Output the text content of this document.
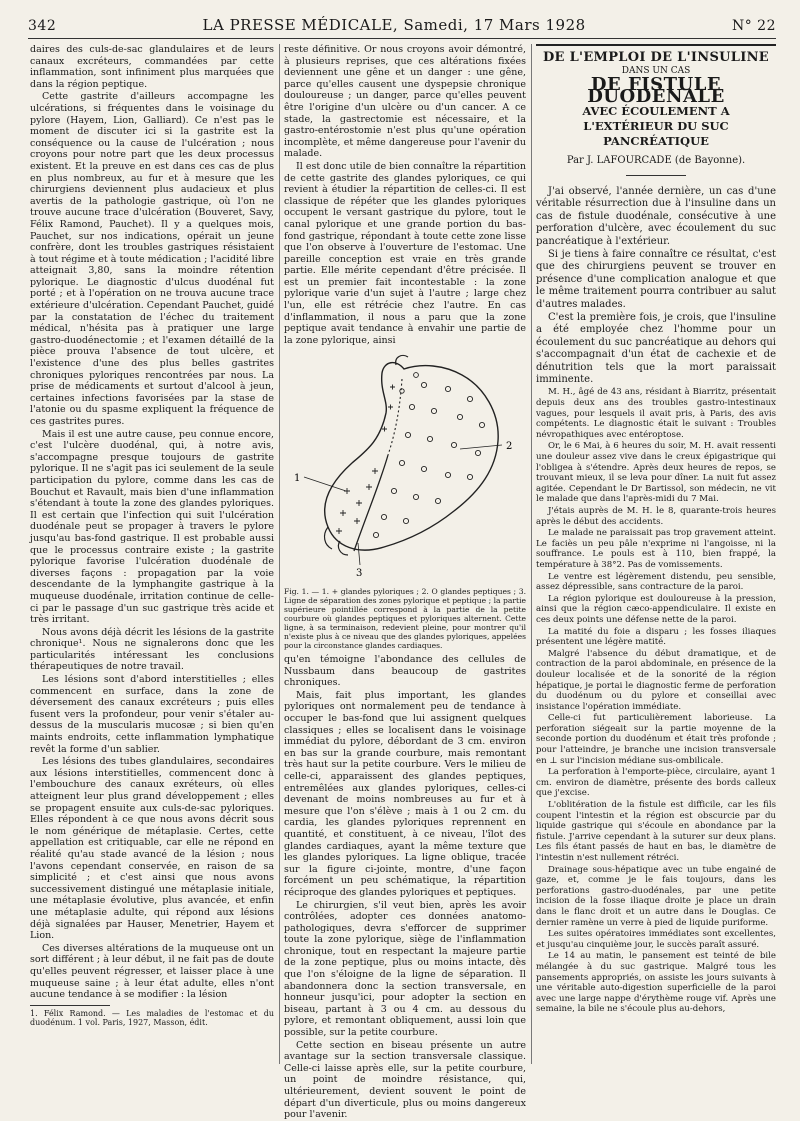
342	LA PRESSE MÉDICALE, Samedi, 17 Mars 1928	N° 22

daires des culs-de-sac glandulaires et de leurs canaux excréteurs, commandées par cette inflammation, sont infiniment plus marquées que dans la région peptique.

Cette gastrite d'ailleurs accompagne les ulcérations, si fréquentes dans le voisinage du pylore (Hayem, Lion, Galliard). Ce n'est pas le moment de discuter ici si la gastrite est la conséquence ou la cause de l'ulcération ; nous croyons pour notre part que les deux processus existent. Et la preuve en est dans ces cas de plus en plus nombreux, au fur et à mesure que les chirurgiens deviennent plus audacieux et plus avertis de la pathologie gastrique, où l'on ne trouve aucune trace d'ulcération (Bouveret, Savy, Félix Ramond, Pauchet). Il y a quelques mois, Pauchet, sur nos indications, opérait un jeune confrère, dont les troubles gastriques résistaient à tout régime et à toute médication ; l'acidité libre atteignait 3,80, sans la moindre rétention pylorique. Le diagnostic d'ulcus duodénal fut porté ; et à l'opération on ne trouva aucune trace extérieure d'ulcération. Cependant Pauchet, guidé par la constatation de l'échec du traitement médical, n'hésita pas à pratiquer une large gastro-duodénectomie ; et l'examen détaillé de la pièce prouva l'absence de tout ulcère, et l'existence d'une des plus belles gastrites chroniques pyloriques rencontrées par nous. La prise de médicaments et surtout d'alcool à jeun, certaines infections favorisées par la stase de l'atonie ou du spasme expliquent la fréquence de ces gastrites pures.

Mais il est une autre cause, peu connue encore, c'est l'ulcère duodénal, qui, à notre avis, s'accompagne presque toujours de gastrite pylorique. Il ne s'agit pas ici seulement de la seule participation du pylore, comme dans les cas de Bouchut et Ravault, mais bien d'une inflammation s'étendant à toute la zone des glandes pyloriques. Il est certain que l'infection qui suit l'ulcération duodénale peut se propager à travers le pylore jusqu'au bas-fond gastrique. Il est probable aussi que le processus contraire existe ; la gastrite pylorique favorise l'ulcération duodénale de diverses façons : propagation par la voie descendante de la lymphangite gastrique à la muqueuse duodénale, irritation continue de celle-ci par le passage d'un suc gastrique très acide et très irritant.

Nous avons déjà décrit les lésions de la gastrite chronique¹. Nous ne signalerons donc que les particularités intéressant les conclusions thérapeutiques de notre travail.

Les lésions sont d'abord interstitielles ; elles commencent en surface, dans la zone de déversement des canaux excréteurs ; puis elles fusent vers la profondeur, pour venir s'étaler au-dessus de la muscularis mucosæ ; si bien qu'en maints endroits, cette inflammation lymphatique revêt la forme d'un sablier.

Les lésions des tubes glandulaires, secondaires aux lésions interstitielles, commencent donc à l'embouchure des canaux exréteurs, où elles atteignent leur plus grand développement ; elles se propagent ensuite aux culs-de-sac pyloriques. Elles répondent à ce que nous avons décrit sous le nom générique de métaplasie. Certes, cette appellation est critiquable, car elle ne répond en réalité qu'au stade avancé de la lésion ; nous l'avons cependant conservée, en raison de sa simplicité ; et c'est ainsi que nous avons successivement distingué une métaplasie initiale, une métaplasie évolutive, plus avancée, et enfin une métaplasie adulte, qui répond aux lésions déjà signalées par Hauser, Menetrier, Hayem et Lion.

Ces diverses altérations de la muqueuse ont un sort différent ; à leur début, il ne fait pas de doute qu'elles peuvent régresser, et laisser place à une muqueuse saine ; à leur état adulte, elles n'ont aucune tendance à se modifier : la lésion

1. Félix Ramond. — Les maladies de l'estomac et du duodénum. 1 vol. Paris, 1927, Masson, édit.

reste définitive. Or nous croyons avoir démontré, à plusieurs reprises, que ces altérations fixées deviennent une gêne et un danger : une gêne, parce qu'elles causent une dyspepsie chronique douloureuse ; un danger, parce qu'elles peuvent être l'origine d'un ulcère ou d'un cancer. A ce stade, la gastrectomie est nécessaire, et la gastro-entérostomie n'est plus qu'une opération incomplète, et même dangereuse pour l'avenir du malade.

Il est donc utile de bien connaître la répartition de cette gastrite des glandes pyloriques, ce qui revient à étudier la répartition de celles-ci. Il est classique de répéter que les glandes pyloriques occupent le versant gastrique du pylore, tout le canal pylorique et une grande portion du bas-fond gastrique, répondant à toute cette zone lisse que l'on observe à l'ouverture de l'estomac. Une pareille conception est vraie en très grande partie. Elle mérite cependant d'être précisée. Il est un premier fait incontestable : la zone pylorique varie d'un sujet à l'autre ; large chez l'un, elle est rétrécie chez l'autre. En cas d'inflammation, il nous a paru que la zone peptique avait tendance à envahir une partie de la zone pylorique, ainsi

1
2
3

Fig. 1. — 1. + glandes pyloriques ; 2. O glandes peptiques ; 3. Ligne de séparation des zones pylorique et peptique ; la partie supérieure pointillée correspond à la partie de la petite courbure où glandes peptiques et pyloriques alternent. Cette ligne, à sa terminaison, redevient pleine, pour montrer qu'il n'existe plus à ce niveau que des glandes pyloriques, appelées pour la circonstance glandes cardiaques.

qu'en témoigne l'abondance des cellules de Nussbaum dans beaucoup de gastrites chroniques.

Mais, fait plus important, les glandes pyloriques ont normalement peu de tendance à occuper le bas-fond que lui assignent quelques classiques ; elles se localisent dans le voisinage immédiat du pylore, débordant de 3 cm. environ en bas sur la grande courbure, mais remontant très haut sur la petite courbure. Vers le milieu de celle-ci, apparaissent des glandes peptiques, entremêlées aux glandes pyloriques, celles-ci devenant de moins nombreuses au fur et à mesure que l'on s'élève ; mais à 1 ou 2 cm. du cardia, les glandes pyloriques reprennent en quantité, et constituent, à ce niveau, l'îlot des glandes cardiaques, ayant la même texture que les glandes pyloriques. La ligne oblique, tracée sur la figure ci-jointe, montre, d'une façon forcément un peu schématique, la répartition réciproque des glandes pyloriques et peptiques.

Le chirurgien, s'il veut bien, après les avoir contrôlées, adopter ces données anatomo-pathologiques, devra s'efforcer de supprimer toute la zone pylorique, siège de l'inflammation chronique, tout en respectant la majeure partie de la zone peptique, plus ou moins intacte, dès que l'on s'éloigne de la ligne de séparation. Il abandonnera donc la section transversale, en honneur jusqu'ici, pour adopter la section en biseau, partant à 3 ou 4 cm. au dessous du pylore, et remontant obliquement, aussi loin que possible, sur la petite courbure.

Cette section en biseau présente un autre avantage sur la section transversale classique. Celle-ci laisse après elle, sur la petite courbure, un point de moindre résistance, qui, ultérieurement, devient souvent le point de départ d'un diverticule, plus ou moins dangereux pour l'avenir.

DE L'EMPLOI DE L'INSULINE
DANS UN CAS
DE FISTULE DUODÉNALE
AVEC ÉCOULEMENT A L'EXTÉRIEUR DU SUC PANCRÉATIQUE
Par J. LAFOURCADE (de Bayonne).

J'ai observé, l'année dernière, un cas d'une véritable résurrection due à l'insuline dans un cas de fistule duodénale, consécutive à une perforation d'ulcère, avec écoulement du suc pancréatique à l'extérieur.

Si je tiens à faire connaître ce résultat, c'est que des chirurgiens peuvent se trouver en présence d'une complication analogue et que le même traitement pourra contribuer au salut d'autres malades.

C'est la première fois, je crois, que l'insuline a été employée chez l'homme pour un écoulement du suc pancréatique au dehors qui s'accompagnait d'un état de cachexie et de dénutrition tels que la mort paraissait imminente.

M. H., âgé de 43 ans, résidant à Biarritz, présentait depuis deux ans des troubles gastro-intestinaux vagues, pour lesquels il avait pris, à Paris, des avis compétents. Le diagnostic était le suivant : Troubles névropathiques avec entéroptose.

Or, le 6 Mai, à 6 heures du soir, M. H. avait ressenti une douleur assez vive dans le creux épigastrique qui l'obligea à s'étendre. Après deux heures de repos, se trouvant mieux, il se leva pour dîner. La nuit fut assez agitée. Cependant le Dr Bartissol, son médecin, ne vit le malade que dans l'après-midi du 7 Mai.

J'étais auprès de M. H. le 8, quarante-trois heures après le début des accidents.

Le malade ne paraissait pas trop gravement atteint. Le faciès un peu pâle n'exprime ni l'angoisse, ni la souffrance. Le pouls est à 110, bien frappé, la température à 38°2. Pas de vomissements.

Le ventre est légèrement distendu, peu sensible, assez dépressible, sans contracture de la paroi.

La région pylorique est douloureuse à la pression, ainsi que la région cæco-appendiculaire. Il existe en ces deux points une défense nette de la paroi.

La matité du foie a disparu ; les fosses iliaques présentent une légère matité.

Malgré l'absence du début dramatique, et de contraction de la paroi abdominale, en présence de la douleur localisée et de la sonorité de la région hépatique, je portai le diagnostic ferme de perforation du duodénum ou du pylore et conseillai avec insistance l'opération immédiate.

Celle-ci fut particulièrement laborieuse. La perforation siégeait sur la partie moyenne de la seconde portion du duodénum et était très profonde ; pour l'atteindre, je branche une incision transversale en ⊥ sur l'incision médiane sus-ombilicale.

La perforation à l'emporte-pièce, circulaire, ayant 1 cm. environ de diamètre, présente des bords calleux que j'excise.

L'oblitération de la fistule est difficile, car les fils coupent l'intestin et la région est obscurcie par du liquide gastrique qui s'écoule en abondance par la fistule. J'arrive cependant à la suturer sur deux plans. Les fils étant passés de haut en bas, le diamètre de l'intestin n'est nullement rétréci.

Drainage sous-hépatique avec un tube engainé de gaze, et, comme je le fais toujours, dans les perforations gastro-duodénales, par une petite incision de la fosse iliaque droite je place un drain dans le flanc droit et un autre dans le Douglas. Ce dernier ramène un verre à pied de liquide puriforme.

Les suites opératoires immédiates sont excellentes, et jusqu'au cinquième jour, le succès paraît assuré.

Le 14 au matin, le pansement est teinté de bile mélangée à du suc gastrique. Malgré tous les pansements appropriés, on assiste les jours suivants à une véritable auto-digestion superficielle de la paroi avec une large nappe d'érythème rouge vif. Après une semaine, la bile ne s'écoule plus au-dehors,
